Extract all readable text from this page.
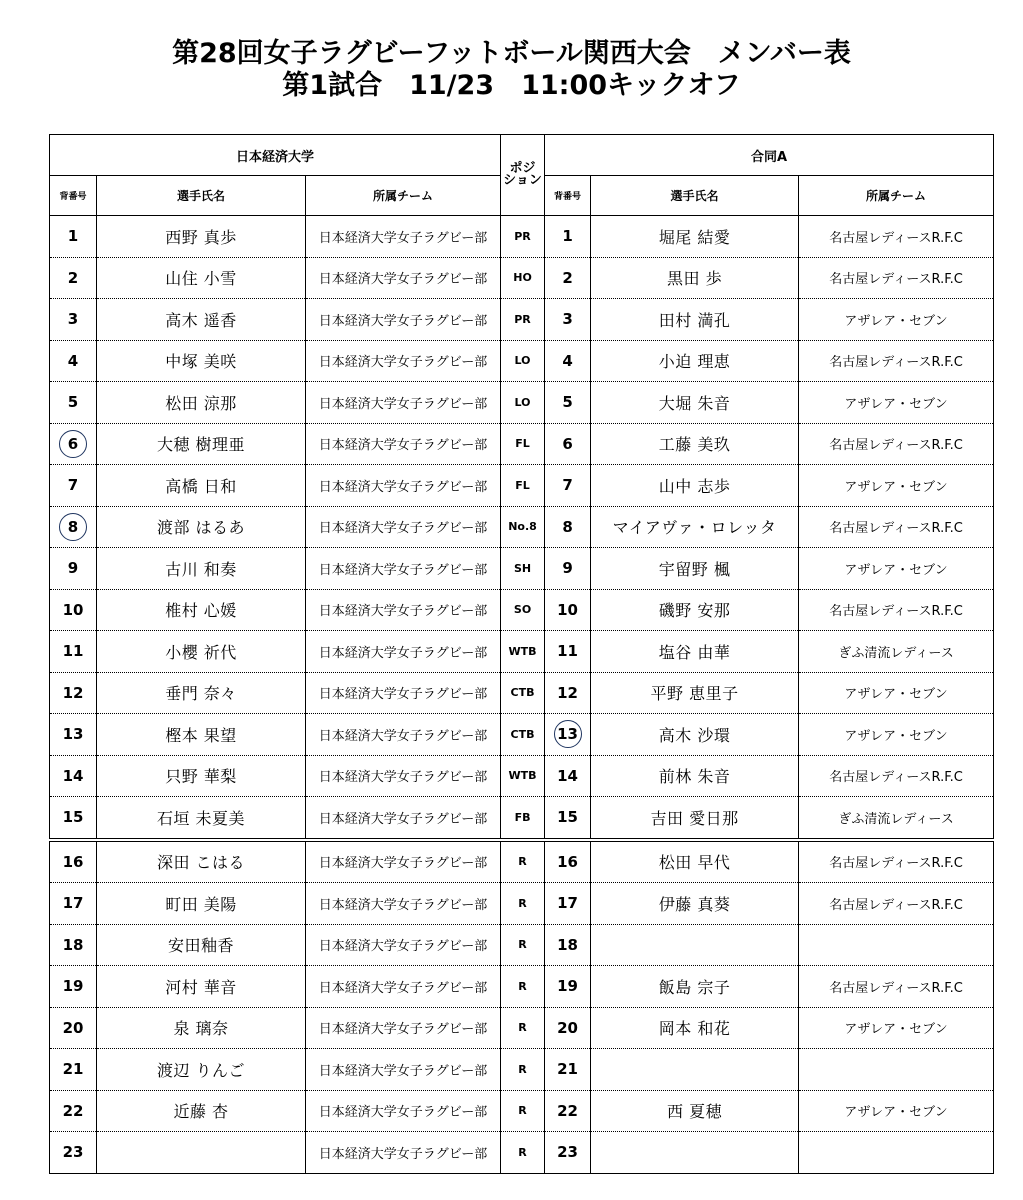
第28回女子ラグビーフットボール関西大会　メンバー表
第1試合　11/23　11:00キックオフ
日本経済大学			ポジ
ション	合同A		
背番号	選手氏名	所属チーム		背番号	選手氏名	所属チーム
1	西野 真歩	日本経済大学女子ラグビー部	PR	1	堀尾 結愛	名古屋レディースR.F.C
2	山住 小雪	日本経済大学女子ラグビー部	HO	2	黒田 歩	名古屋レディースR.F.C
3	高木 遥香	日本経済大学女子ラグビー部	PR	3	田村 満孔	アザレア・セブン
4	中塚 美咲	日本経済大学女子ラグビー部	LO	4	小迫 理恵	名古屋レディースR.F.C
5	松田 涼那	日本経済大学女子ラグビー部	LO	5	大堀 朱音	アザレア・セブン
6	大穂 樹理亜	日本経済大学女子ラグビー部	FL	6	工藤 美玖	名古屋レディースR.F.C
7	高橋 日和	日本経済大学女子ラグビー部	FL	7	山中 志歩	アザレア・セブン
8	渡部 はるあ	日本経済大学女子ラグビー部	No.8	8	マイアヴァ・ロレッタ	名古屋レディースR.F.C
9	古川 和奏	日本経済大学女子ラグビー部	SH	9	宇留野 楓	アザレア・セブン
10	椎村 心媛	日本経済大学女子ラグビー部	SO	10	磯野 安那	名古屋レディースR.F.C
11	小櫻 祈代	日本経済大学女子ラグビー部	WTB	11	塩谷 由華	ぎふ清流レディース
12	垂門 奈々	日本経済大学女子ラグビー部	CTB	12	平野 恵里子	アザレア・セブン
13	樫本 果望	日本経済大学女子ラグビー部	CTB	13	高木 沙環	アザレア・セブン
14	只野 華梨	日本経済大学女子ラグビー部	WTB	14	前林 朱音	名古屋レディースR.F.C
15	石垣 未夏美	日本経済大学女子ラグビー部	FB	15	吉田 愛日那	ぎふ清流レディース
16	深田 こはる	日本経済大学女子ラグビー部	R	16	松田 早代	名古屋レディースR.F.C
17	町田 美陽	日本経済大学女子ラグビー部	R	17	伊藤 真葵	名古屋レディースR.F.C
18	安田釉香	日本経済大学女子ラグビー部	R	18		
19	河村 華音	日本経済大学女子ラグビー部	R	19	飯島 宗子	名古屋レディースR.F.C
20	泉 璃奈	日本経済大学女子ラグビー部	R	20	岡本 和花	アザレア・セブン
21	渡辺 りんご	日本経済大学女子ラグビー部	R	21		
22	近藤 杏	日本経済大学女子ラグビー部	R	22	西 夏穂	アザレア・セブン
23		日本経済大学女子ラグビー部	R	23		
